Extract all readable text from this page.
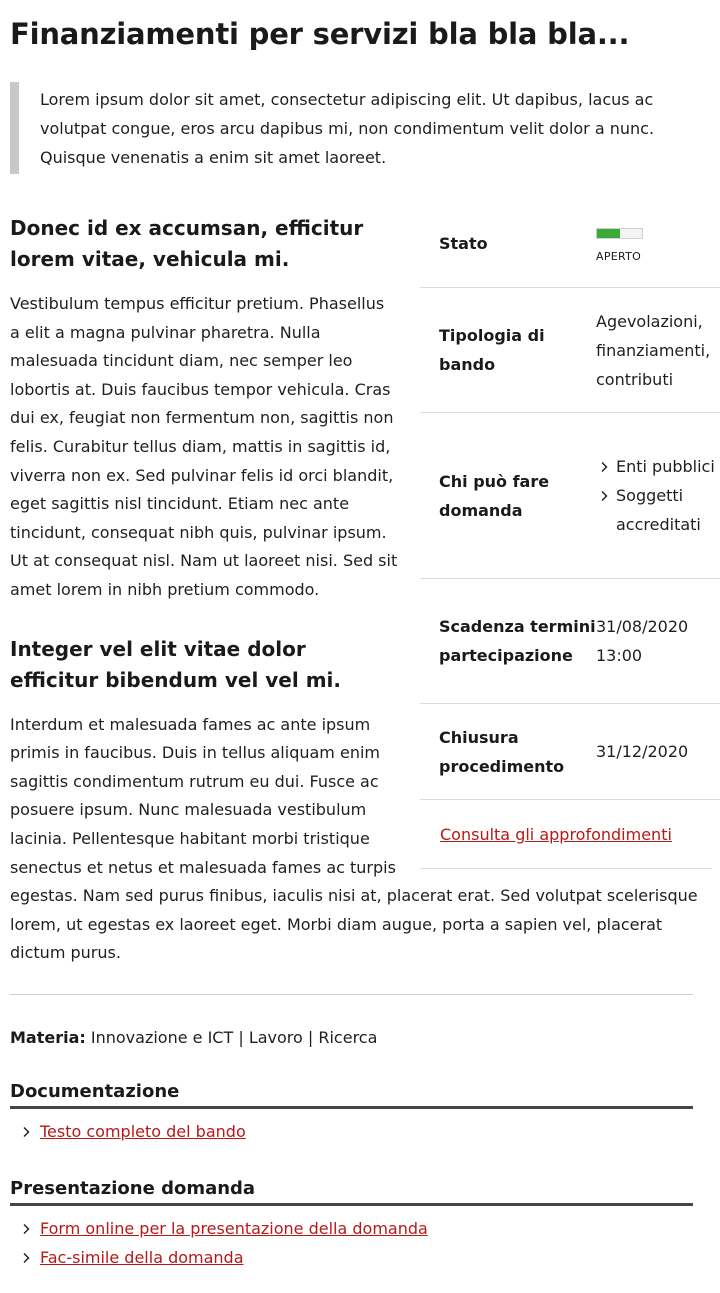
Finanziamenti per servizi bla bla bla...
Lorem ipsum dolor sit amet, consectetur adipiscing elit. Ut dapibus, lacus ac volutpat congue, eros arcu dapibus mi, non condimentum velit dolor a nunc. Quisque venenatis a enim sit amet laoreet.
Stato
APERTO
Tipologia di bando
Agevolazioni, finanziamenti, contributi
Chi può fare domanda
Enti pubblici
Soggetti accreditati
Scadenza termini partecipazione
31/08/2020 13:00
Chiusura procedimento
31/12/2020
Consulta gli approfondimenti
Donec id ex accumsan, efficitur lorem vitae, vehicula mi.

Vestibulum tempus efficitur pretium. Phasellus a elit a magna pulvinar pharetra. Nulla malesuada tincidunt diam, nec semper leo lobortis at. Duis faucibus tempor vehicula. Cras dui ex, feugiat non fermentum non, sagittis non felis. Curabitur tellus diam, mattis in sagittis id, viverra non ex. Sed pulvinar felis id orci blandit, eget sagittis nisl tincidunt. Etiam nec ante tincidunt, consequat nibh quis, pulvinar ipsum. Ut at consequat nisl. Nam ut laoreet nisi. Sed sit amet lorem in nibh pretium commodo.

Integer vel elit vitae dolor efficitur bibendum vel vel mi.

Interdum et malesuada fames ac ante ipsum primis in faucibus. Duis in tellus aliquam enim sagittis condimentum rutrum eu dui. Fusce ac posuere ipsum. Nunc malesuada vestibulum lacinia. Pellentesque habitant morbi tristique senectus et netus et malesuada fames ac turpis egestas. Nam sed purus finibus, iaculis nisi at, placerat erat. Sed volutpat scelerisque lorem, ut egestas ex laoreet eget. Morbi diam augue, porta a sapien vel, placerat dictum purus.

Materia: Innovazione e ICT | Lavoro | Ricerca
Documentazione
Testo completo del bando
Presentazione domanda
Form online per la presentazione della domanda
Fac-simile della domanda
